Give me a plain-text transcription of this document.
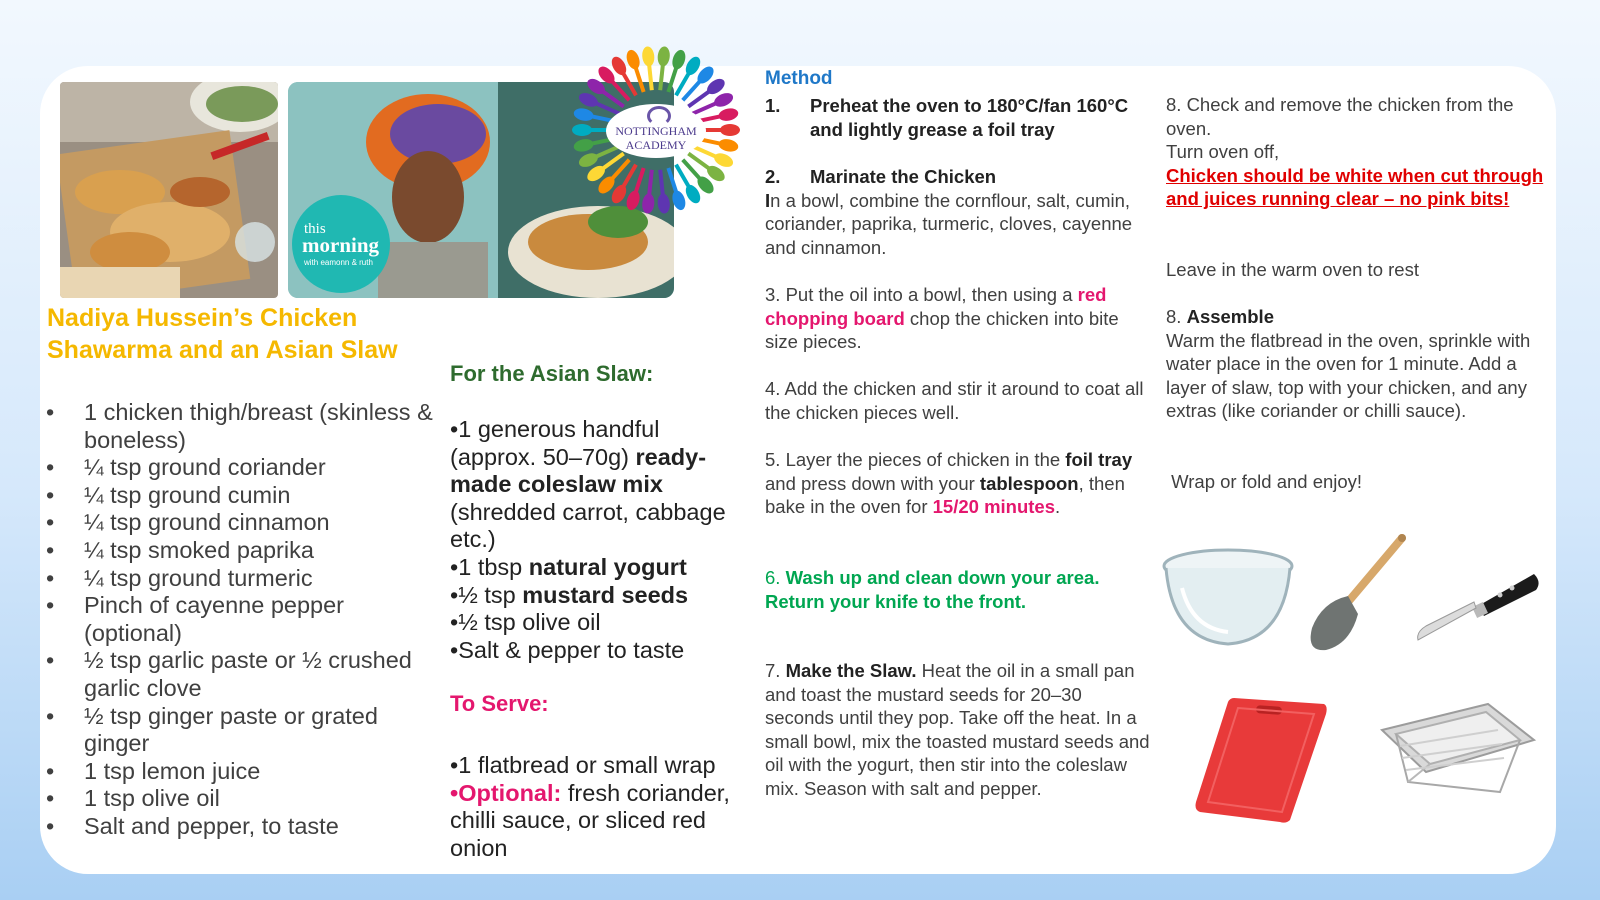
this
morning
with eamonn & ruth
NOTTINGHAM
ACADEMY
Nadiya Hussein’s Chicken Shawarma and an Asian Slaw
• 1 chicken thigh/breast (skinless & boneless)
• ¼ tsp ground coriander
• ¼ tsp ground cumin
• ¼ tsp ground cinnamon
• ¼ tsp smoked paprika
• ¼ tsp ground turmeric
• Pinch of cayenne pepper (optional)
• ½ tsp garlic paste or ½ crushed garlic clove
• ½ tsp ginger paste or grated ginger
• 1 tsp lemon juice
• 1 tsp olive oil
• Salt and pepper, to taste
For the Asian Slaw:
•1 generous handful (approx. 50–70g) ready-made coleslaw mix (shredded carrot, cabbage etc.)
•1 tbsp natural yogurt
•½ tsp mustard seeds
•½ tsp olive oil
•Salt & pepper to taste
To Serve:
•1 flatbread or small wrap
•Optional: fresh coriander, chilli sauce, or sliced red onion
Method
1. Preheat the oven to 180°C/fan 160°C and lightly grease a foil tray
2. Marinate the Chicken
In a bowl, combine the cornflour, salt, cumin, coriander, paprika, turmeric, cloves, cayenne and cinnamon.
3. Put the oil into a bowl, then using a red chopping board chop the chicken into bite size pieces.
4. Add the chicken and stir it around to coat all the chicken pieces well.
5. Layer the pieces of chicken in the foil tray and press down with your tablespoon, then bake in the oven for 15/20 minutes.
6. Wash up and clean down your area. Return your knife to the front.
7. Make the Slaw. Heat the oil in a small pan and toast the mustard seeds for 20–30 seconds until they pop. Take off the heat. In a small bowl, mix the toasted mustard seeds and oil with the yogurt, then stir into the coleslaw mix. Season with salt and pepper.
8. Check and remove the chicken from the oven.
Turn oven off,
Chicken should be white when cut through and juices running clear – no pink bits!
Leave in the warm oven to rest
8. Assemble
Warm the flatbread in the oven, sprinkle with water place in the oven for 1 minute. Add a layer of slaw, top with your chicken, and any extras (like coriander or chilli sauce).
Wrap or fold and enjoy!
